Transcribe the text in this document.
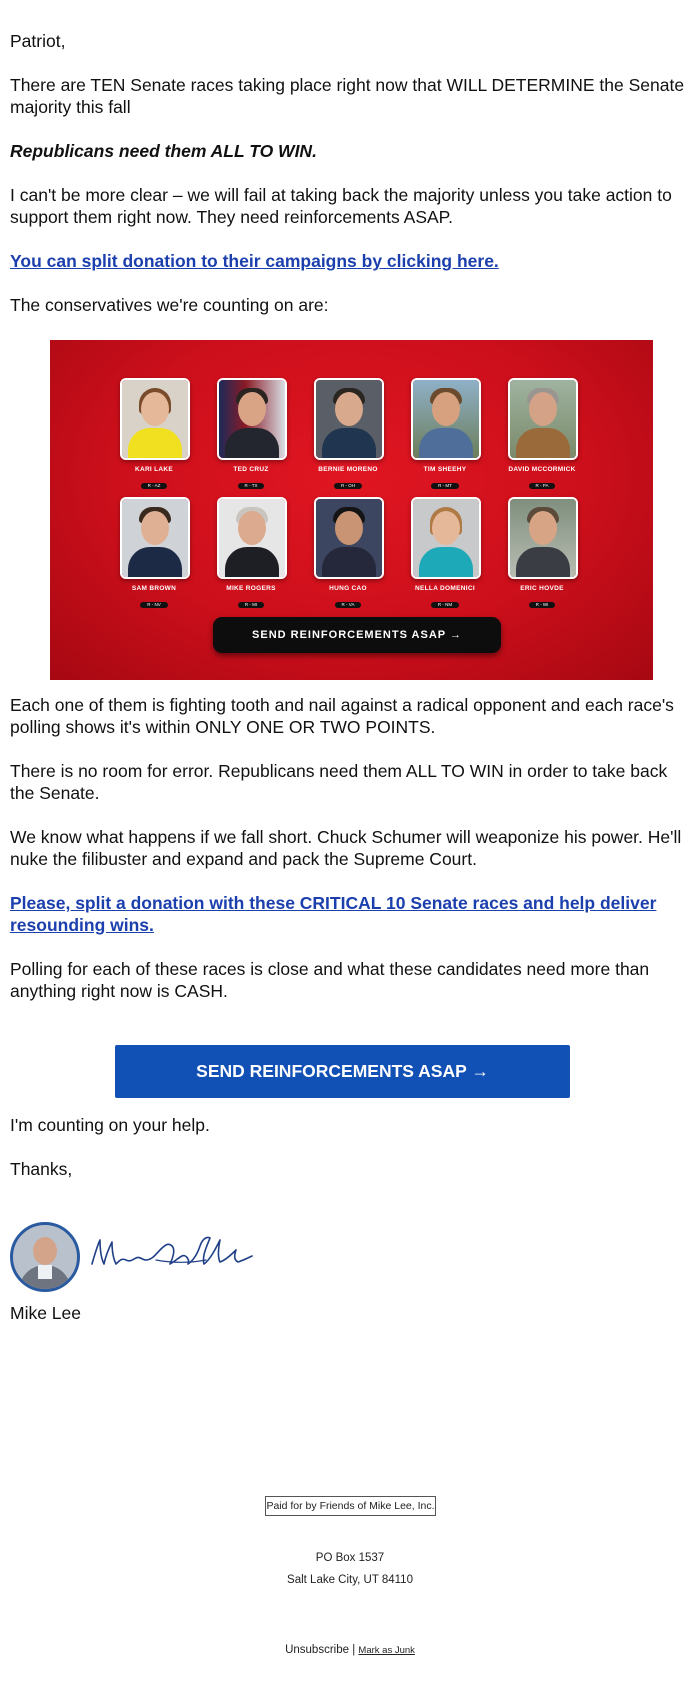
Patriot,

There are TEN Senate races taking place right now that WILL DETERMINE the Senate majority this fall

Republicans need them ALL TO WIN.

I can't be more clear – we will fail at taking back the majority unless you take action to support them right now. They need reinforcements ASAP.

You can split donation to their campaigns by clicking here.

The conservatives we're counting on are:

Each one of them is fighting tooth and nail against a radical opponent and each race's polling shows it's within ONLY ONE OR TWO POINTS.

There is no room for error. Republicans need them ALL TO WIN in order to take back the Senate.

We know what happens if we fall short. Chuck Schumer will weaponize his power. He'll nuke the filibuster and expand and pack the Supreme Court.

Please, split a donation with these CRITICAL 10 Senate races and help deliver resounding wins.

Polling for each of these races is close and what these candidates need more than anything right now is CASH.

I'm counting on your help.

Thanks,

Mike Lee

KARI LAKE
R - AZ
TED CRUZ
R - TX
BERNIE MORENO
R - OH
TIM SHEEHY
R - MT
DAVID MCCORMICK
R - PA
SAM BROWN
R - NV
MIKE ROGERS
R - MI
HUNG CAO
R - VA
NELLA DOMENICI
R - NM
ERIC HOVDE
R - WI
SEND REINFORCEMENTS ASAP →
SEND REINFORCEMENTS ASAP →
Paid for by Friends of Mike Lee, Inc.
PO Box 1537
Salt Lake City, UT 84110
Unsubscribe | Mark as Junk
